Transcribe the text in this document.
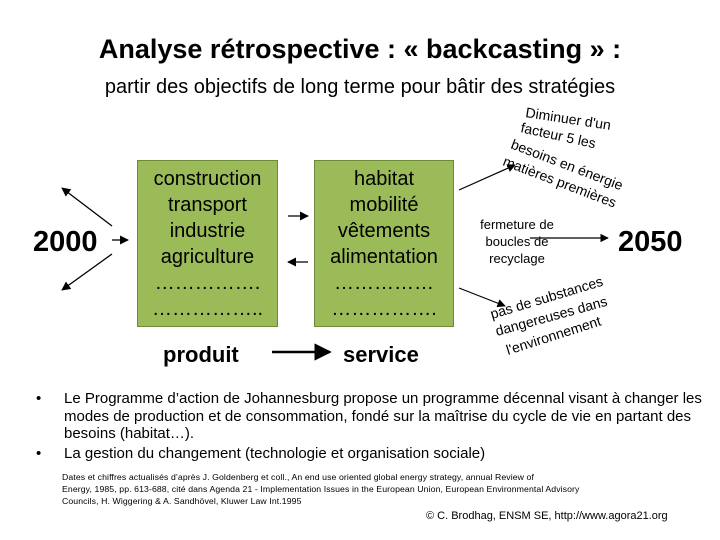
Analyse rétrospective : « backcasting » :
partir des objectifs de long terme pour bâtir des stratégies
2000	2050
construction
transport
industrie
agriculture
…………….
……………..
habitat
mobilité
vêtements
alimentation
……………
…………….
produit	service
fermeture de
boucles de
recyclage
Diminuer d'un
facteur 5 les
besoins en énergie
matières premières
pas de substances
dangereuses dans
l'environnement
•	Le Programme d’action de Johannesburg propose un programme décennal visant à changer les modes de production et de consommation, fondé sur la maîtrise du cycle de vie en partant des besoins (habitat…).
•	La gestion du changement (technologie et organisation sociale)
Dates et chiffres actualisés d’après J. Goldenberg et coll., An end use oriented global energy strategy, annual Review of
Energy, 1985, pp. 613-688, cité dans Agenda 21 - Implementation Issues in the European Union, European Environmental Advisory
Councils, H. Wiggering & A. Sandhövel, Kluwer Law Int.1995
© C. Brodhag, ENSM SE, http://www.agora21.org
